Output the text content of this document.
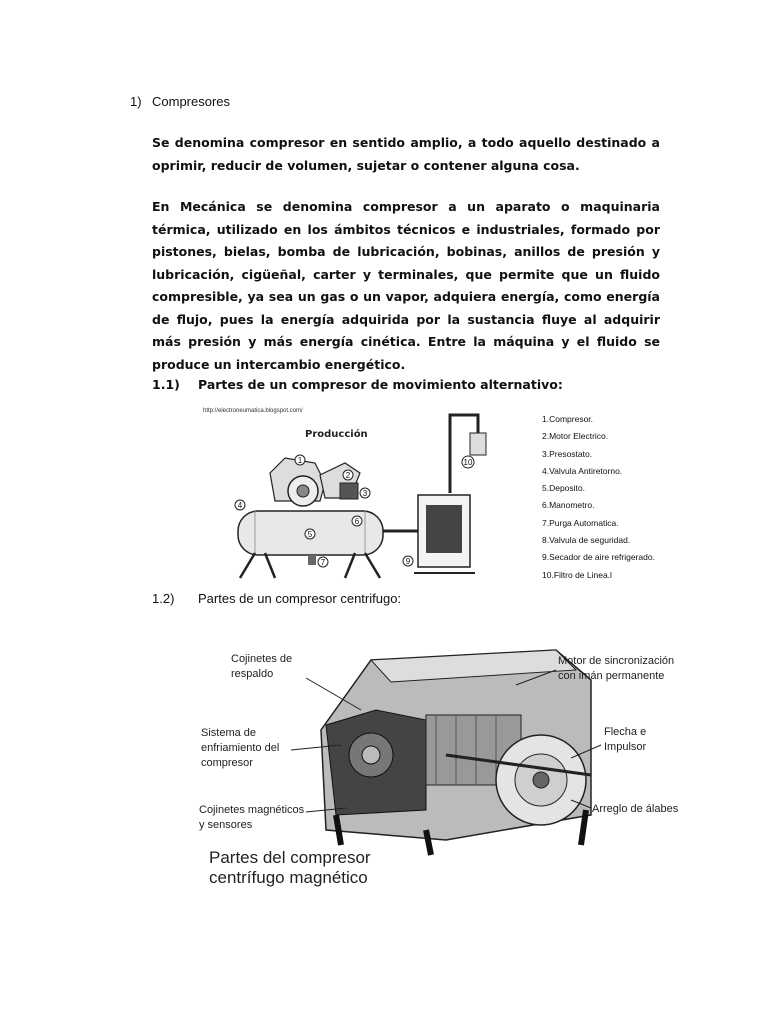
1) Compresores
Se denomina compresor en sentido amplio, a todo aquello destinado a oprimir, reducir de volumen, sujetar o contener alguna cosa.
En Mecánica se denomina compresor a un aparato o maquinaria térmica, utilizado en los ámbitos técnicos e industriales, formado por pistones, bielas, bomba de lubricación, bobinas, anillos de presión y lubricación, cigüeñal, carter y terminales, que permite que un fluido compresible, ya sea un gas o un vapor, adquiera energía, como energía de flujo, pues la energía adquirida por la sustancia fluye al adquirir más presión y más energía cinética. Entre la máquina y el fluido se produce un intercambio energético.
1.1) Partes de un compresor de movimiento alternativo:
http://electroneumatica.blogspot.com/
Producción
1
2
3
4
5
6
7	9
10
1.Compresor.
2.Motor Electrico.
3.Presostato.
4.Valvula Antiretorno.
5.Deposito.
6.Manometro.
7.Purga Automatica.
8.Valvula de seguridad.
9.Secador de aire refrigerado.
10.Filtro de Linea.l
1.2) Partes de un compresor centrifugo:
Cojinetes de
respaldo
Sistema de
enfriamiento del
compresor
Cojinetes magnéticos
y sensores
Motor de sincronización
con imán permanente
Flecha e
Impulsor
Arreglo de álabes
Partes del compresor
centrífugo magnético
